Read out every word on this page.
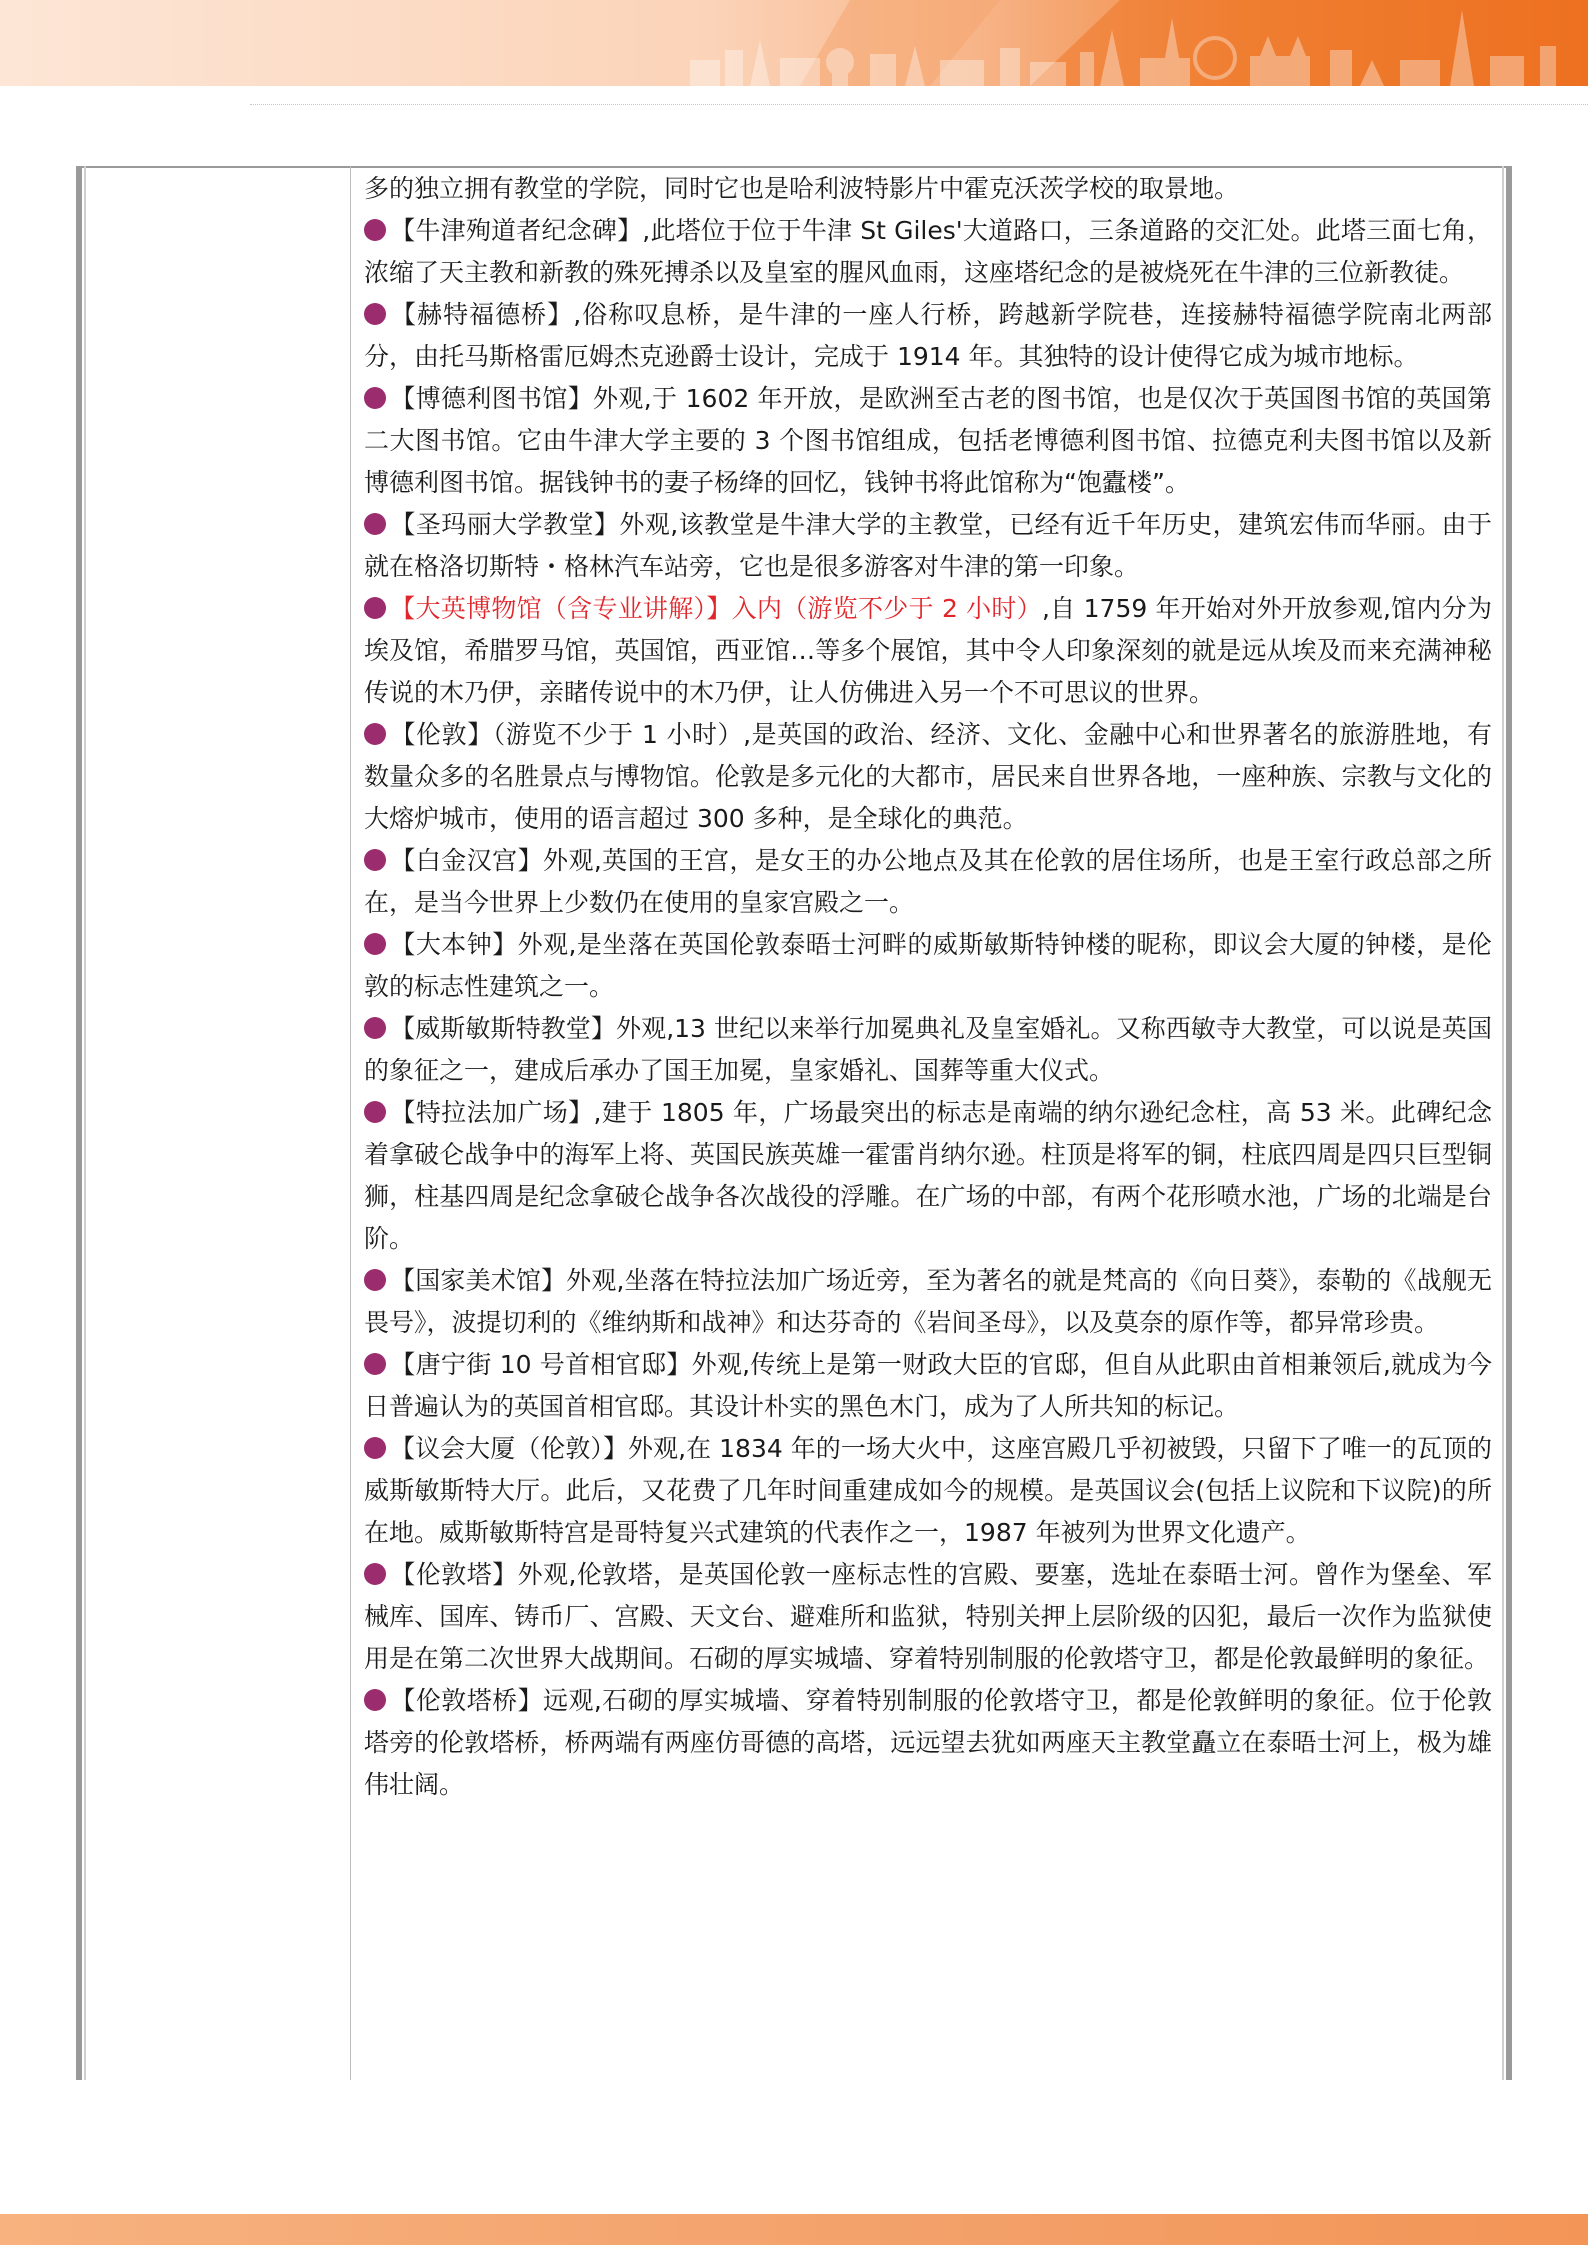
多的独立拥有教堂的学院，同时它也是哈利波特影片中霍克沃茨学校的取景地。

【牛津殉道者纪念碑】,此塔位于位于牛津 St Giles'大道路口，三条道路的交汇处。此塔三面七角，浓缩了天主教和新教的殊死搏杀以及皇室的腥风血雨，这座塔纪念的是被烧死在牛津的三位新教徒。

【赫特福德桥】,俗称叹息桥，是牛津的一座人行桥，跨越新学院巷，连接赫特福德学院南北两部分，由托马斯格雷厄姆杰克逊爵士设计，完成于 1914 年。其独特的设计使得它成为城市地标。

【博德利图书馆】外观,于 1602 年开放，是欧洲至古老的图书馆，也是仅次于英国图书馆的英国第二大图书馆。它由牛津大学主要的 3 个图书馆组成，包括老博德利图书馆、拉德克利夫图书馆以及新博德利图书馆。据钱钟书的妻子杨绛的回忆，钱钟书将此馆称为“饱蠹楼”。

【圣玛丽大学教堂】外观,该教堂是牛津大学的主教堂，已经有近千年历史，建筑宏伟而华丽。由于就在格洛切斯特・格林汽车站旁，它也是很多游客对牛津的第一印象。

【大英博物馆（含专业讲解）】入内（游览不少于 2 小时）,自 1759 年开始对外开放参观,馆内分为埃及馆，希腊罗马馆，英国馆，西亚馆…等多个展馆，其中令人印象深刻的就是远从埃及而来充满神秘传说的木乃伊，亲睹传说中的木乃伊，让人仿佛进入另一个不可思议的世界。

【伦敦】（游览不少于 1 小时）,是英国的政治、经济、文化、金融中心和世界著名的旅游胜地，有数量众多的名胜景点与博物馆。伦敦是多元化的大都市，居民来自世界各地，一座种族、宗教与文化的大熔炉城市，使用的语言超过 300 多种，是全球化的典范。

【白金汉宫】外观,英国的王宫，是女王的办公地点及其在伦敦的居住场所，也是王室行政总部之所在，是当今世界上少数仍在使用的皇家宫殿之一。

【大本钟】外观,是坐落在英国伦敦泰晤士河畔的威斯敏斯特钟楼的昵称，即议会大厦的钟楼，是伦敦的标志性建筑之一。

【威斯敏斯特教堂】外观,13 世纪以来举行加冕典礼及皇室婚礼。又称西敏寺大教堂，可以说是英国的象征之一，建成后承办了国王加冕，皇家婚礼、国葬等重大仪式。

【特拉法加广场】,建于 1805 年，广场最突出的标志是南端的纳尔逊纪念柱，高 53 米。此碑纪念着拿破仑战争中的海军上将、英国民族英雄一霍雷肖纳尔逊。柱顶是将军的铜，柱底四周是四只巨型铜狮，柱基四周是纪念拿破仑战争各次战役的浮雕。在广场的中部，有两个花形喷水池，广场的北端是台阶。

【国家美术馆】外观,坐落在特拉法加广场近旁，至为著名的就是梵高的《向日葵》，泰勒的《战舰无畏号》，波提切利的《维纳斯和战神》和达芬奇的《岩间圣母》，以及莫奈的原作等，都异常珍贵。

【唐宁街 10 号首相官邸】外观,传统上是第一财政大臣的官邸，但自从此职由首相兼领后,就成为今日普遍认为的英国首相官邸。其设计朴实的黑色木门，成为了人所共知的标记。

【议会大厦（伦敦）】外观,在 1834 年的一场大火中，这座宫殿几乎初被毁，只留下了唯一的瓦顶的威斯敏斯特大厅。此后，又花费了几年时间重建成如今的规模。是英国议会(包括上议院和下议院)的所在地。威斯敏斯特宫是哥特复兴式建筑的代表作之一，1987 年被列为世界文化遗产。

【伦敦塔】外观,伦敦塔，是英国伦敦一座标志性的宫殿、要塞，选址在泰晤士河。曾作为堡垒、军械库、国库、铸币厂、宫殿、天文台、避难所和监狱，特别关押上层阶级的囚犯，最后一次作为监狱使用是在第二次世界大战期间。石砌的厚实城墙、穿着特别制服的伦敦塔守卫，都是伦敦最鲜明的象征。

【伦敦塔桥】远观,石砌的厚实城墙、穿着特别制服的伦敦塔守卫，都是伦敦鲜明的象征。位于伦敦塔旁的伦敦塔桥，桥两端有两座仿哥德的高塔，远远望去犹如两座天主教堂矗立在泰晤士河上，极为雄伟壮阔。
